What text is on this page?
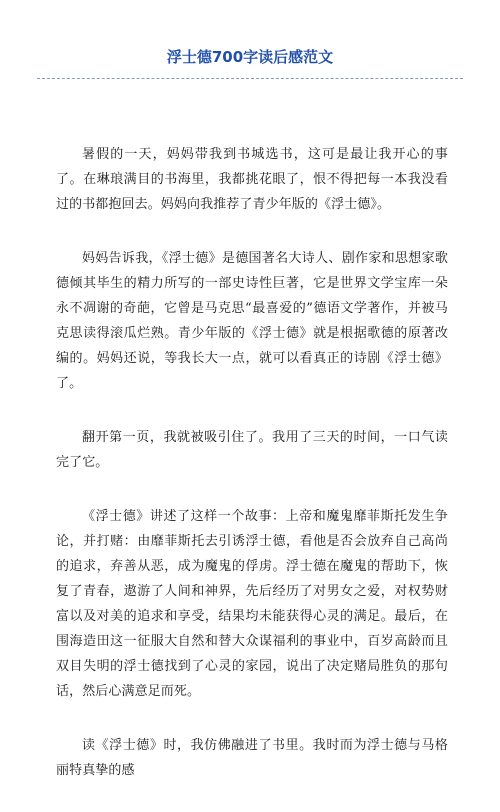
浮士德700字读后感范文

暑假的一天，妈妈带我到书城选书，这可是最让我开心的事了。在琳琅满目的书海里，我都挑花眼了，恨不得把每一本我没看过的书都抱回去。妈妈向我推荐了青少年版的《浮士德》。

妈妈告诉我，《浮士德》是德国著名大诗人、剧作家和思想家歌德倾其毕生的精力所写的一部史诗性巨著，它是世界文学宝库一朵永不凋谢的奇葩，它曾是马克思“最喜爱的”德语文学著作，并被马克思读得滚瓜烂熟。青少年版的《浮士德》就是根据歌德的原著改编的。妈妈还说，等我长大一点，就可以看真正的诗剧《浮士德》了。

翻开第一页，我就被吸引住了。我用了三天的时间，一口气读完了它。

《浮士德》讲述了这样一个故事：上帝和魔鬼靡菲斯托发生争论，并打赌：由靡菲斯托去引诱浮士德，看他是否会放弃自己高尚的追求，弃善从恶，成为魔鬼的俘虏。浮士德在魔鬼的帮助下，恢复了青春，遨游了人间和神界，先后经历了对男女之爱，对权势财富以及对美的追求和享受，结果均未能获得心灵的满足。最后，在围海造田这一征服大自然和替大众谋福利的事业中，百岁高龄而且双目失明的浮士德找到了心灵的家园，说出了决定赌局胜负的那句话，然后心满意足而死。

读《浮士德》时，我仿佛融进了书里。我时而为浮士德与马格丽特真挚的感
